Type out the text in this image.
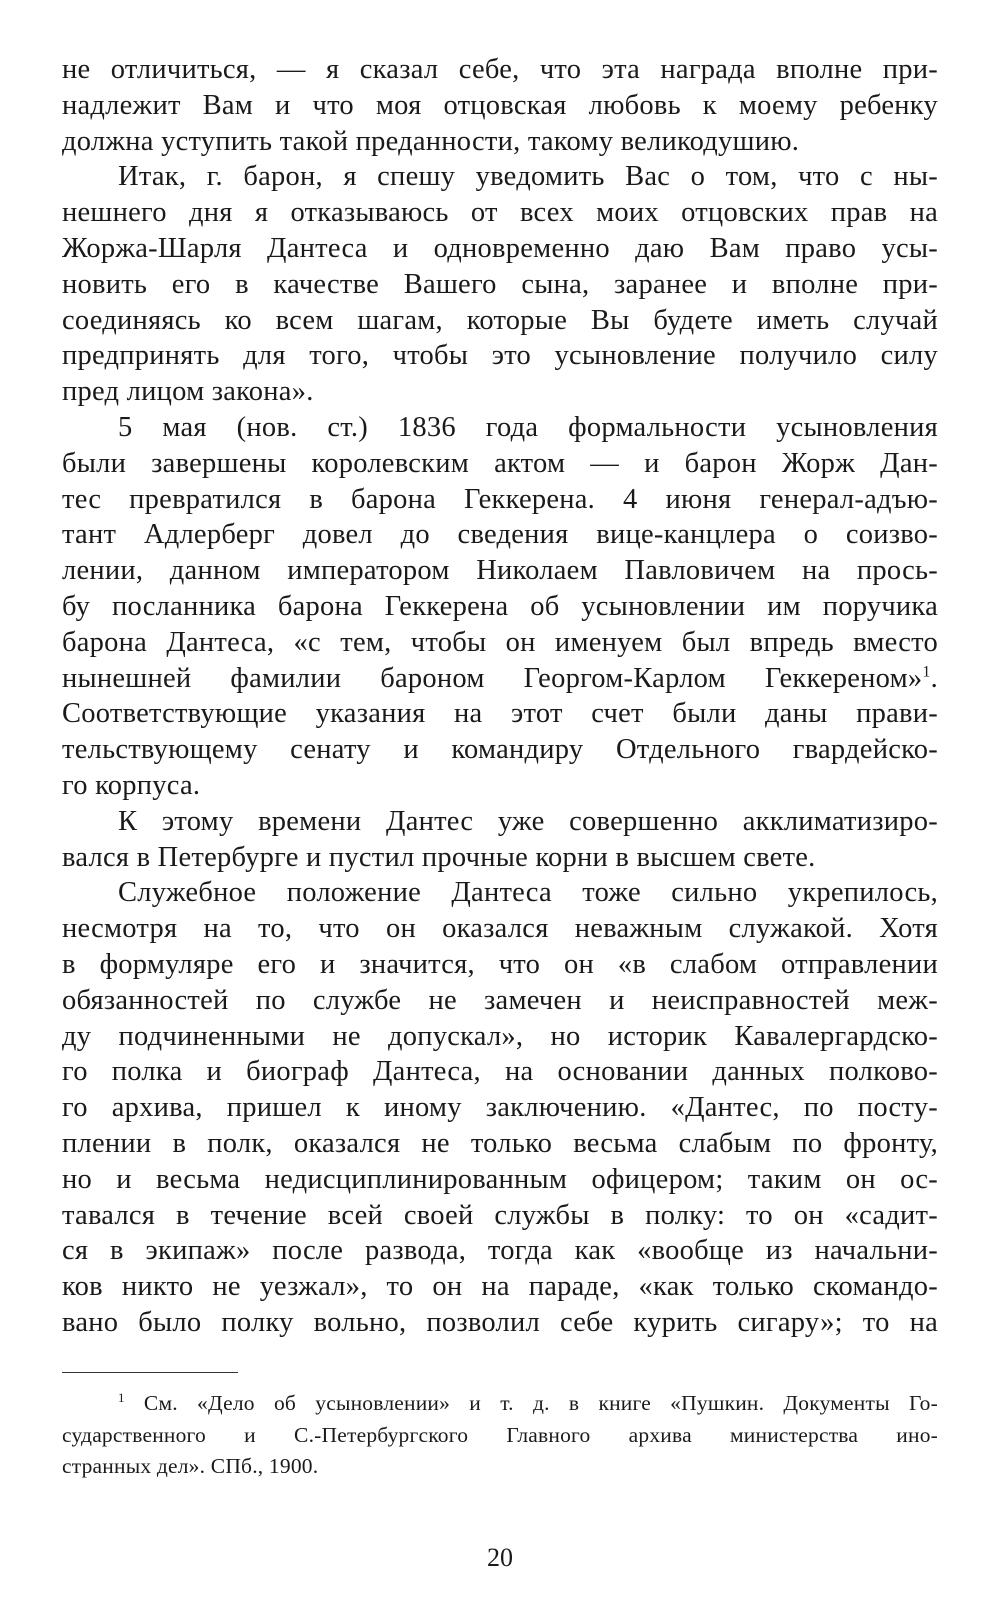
не отличиться, — я сказал себе, что эта награда вполне при-
надлежит Вам и что моя отцовская любовь к моему ребенку
должна уступить такой преданности, такому великодушию.

Итак, г. барон, я спешу уведомить Вас о том, что с ны-
нешнего дня я отказываюсь от всех моих отцовских прав на
Жоржа-Шарля Дантеса и одновременно даю Вам право усы-
новить его в качестве Вашего сына, заранее и вполне при-
соединяясь ко всем шагам, которые Вы будете иметь случай
предпринять для того, чтобы это усыновление получило силу
пред лицом закона».

5 мая (нов. ст.) 1836 года формальности усыновления
были завершены королевским актом — и барон Жорж Дан-
тес превратился в барона Геккерена. 4 июня генерал-адъю-
тант Адлерберг довел до сведения вице-канцлера о соизво-
лении, данном императором Николаем Павловичем на прось-
бу посланника барона Геккерена об усыновлении им поручика
барона Дантеса, «с тем, чтобы он именуем был впредь вместо
нынешней фамилии бароном Георгом-Карлом Геккереном»$^1$.
Соответствующие указания на этот счет были даны прави-
тельствующему сенату и командиру Отдельного гвардейско-
го корпуса.

К этому времени Дантес уже совершенно акклиматизиро-
вался в Петербурге и пустил прочные корни в высшем свете.

Служебное положение Дантеса тоже сильно укрепилось,
несмотря на то, что он оказался неважным служакой. Хотя
в формуляре его и значится, что он «в слабом отправлении
обязанностей по службе не замечен и неисправностей меж-
ду подчиненными не допускал», но историк Кавалергардско-
го полка и биограф Дантеса, на основании данных полково-
го архива, пришел к иному заключению. «Дантес, по посту-
плении в полк, оказался не только весьма слабым по фронту,
но и весьма недисциплинированным офицером; таким он ос-
тавался в течение всей своей службы в полку: то он «садит-
ся в экипаж» после развода, тогда как «вообще из начальни-
ков никто не уезжал», то он на параде, «как только скомандо-
вано было полку вольно, позволил себе курить сигару»; то на

$^1$ См. «Дело об усыновлении» и т. д. в книге «Пушкин. Документы Го-
сударственного и С.-Петербургского Главного архива министерства ино-
странных дел». СПб., 1900.

20
